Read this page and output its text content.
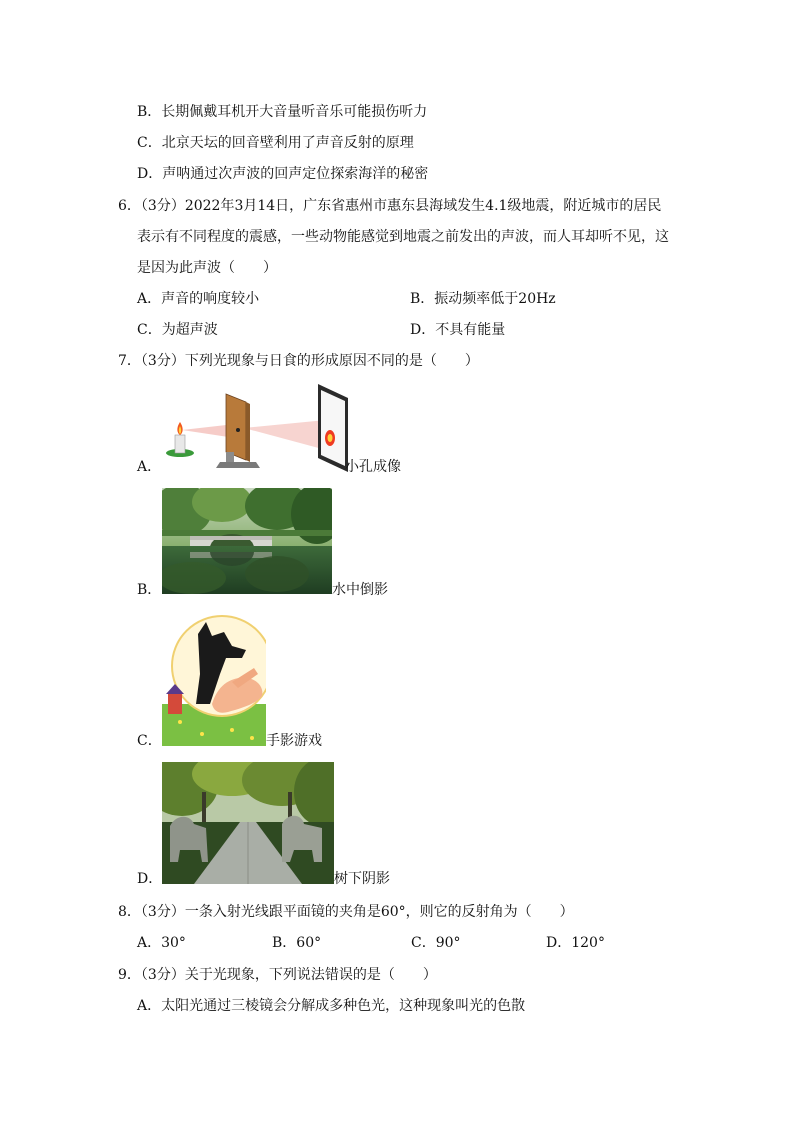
B．长期佩戴耳机开大音量听音乐可能损伤听力
C．北京天坛的回音壁利用了声音反射的原理
D．声呐通过次声波的回声定位探索海洋的秘密
6．（3分）2022年3月14日，广东省惠州市惠东县海域发生4.1级地震，附近城市的居民
表示有不同程度的震感，一些动物能感觉到地震之前发出的声波，而人耳却听不见，这
是因为此声波（　　）
A．声音的响度较小	B．振动频率低于20Hz
C．为超声波	D．不具有能量
7．（3分）下列光现象与日食的形成原因不同的是（　　）
A．	小孔成像
B．	水中倒影
C．	手影游戏
D．	树下阴影
8．（3分）一条入射光线跟平面镜的夹角是60°，则它的反射角为（　　）
A．30°	B．60°	C．90°	D．120°
9．（3分）关于光现象，下列说法错误的是（　　）
A．太阳光通过三棱镜会分解成多种色光，这种现象叫光的色散
